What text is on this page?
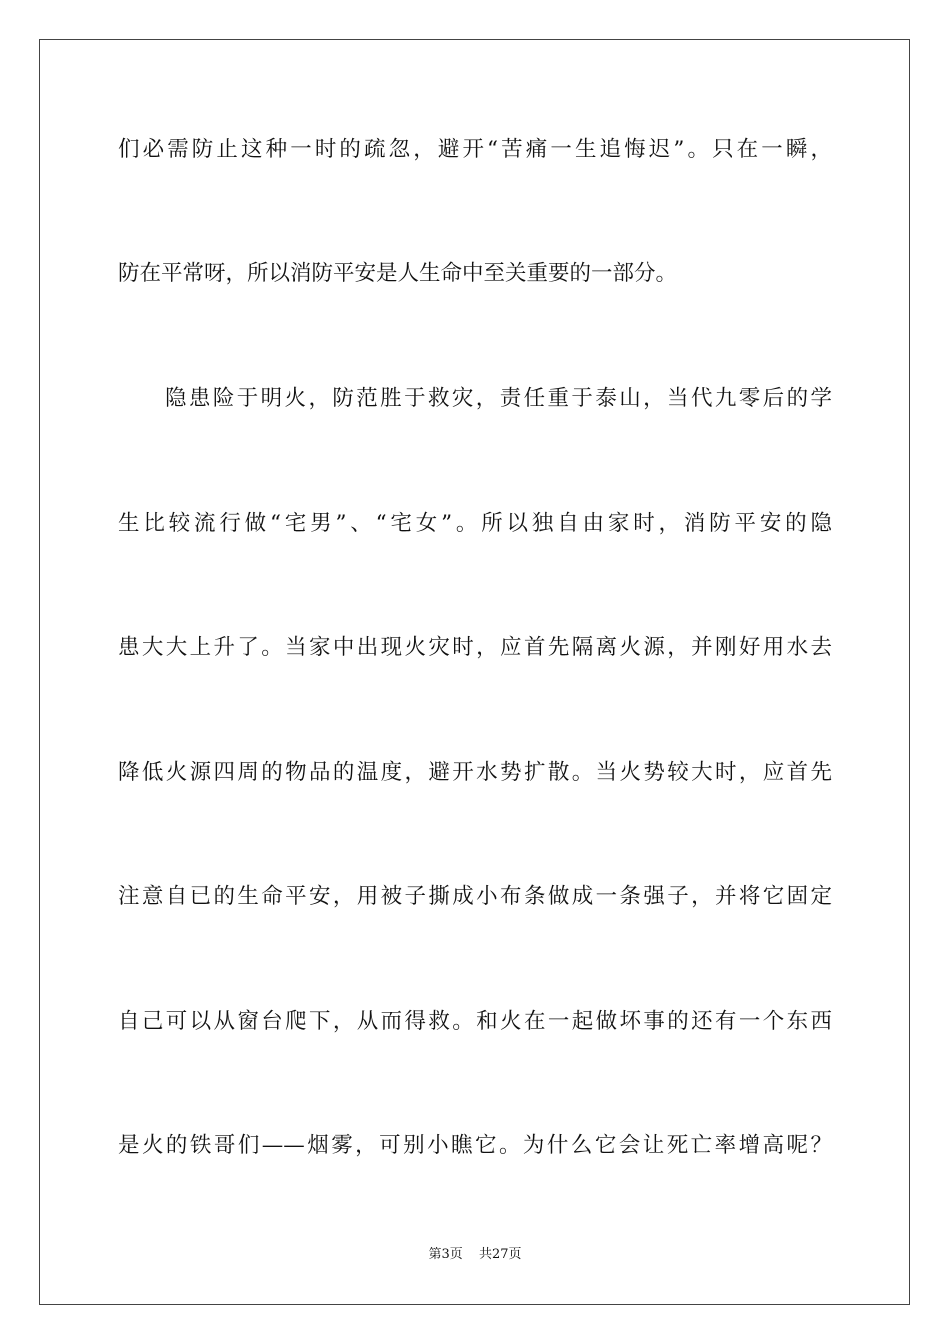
们必需防止这种一时的疏忽，避开“苦痛一生追悔迟”。只在一瞬，
防在平常呀，所以消防平安是人生命中至关重要的一部分。
隐患险于明火，防范胜于救灾，责任重于泰山，当代九零后的学
生比较流行做“宅男”、“宅女”。所以独自由家时，消防平安的隐
患大大上升了。当家中出现火灾时，应首先隔离火源，并刚好用水去
降低火源四周的物品的温度，避开水势扩散。当火势较大时，应首先
注意自已的生命平安，用被子撕成小布条做成一条强子，并将它固定
自己可以从窗台爬下，从而得救。和火在一起做坏事的还有一个东西
是火的铁哥们——烟雾，可别小瞧它。为什么它会让死亡率增高呢？
第3页 共27页
